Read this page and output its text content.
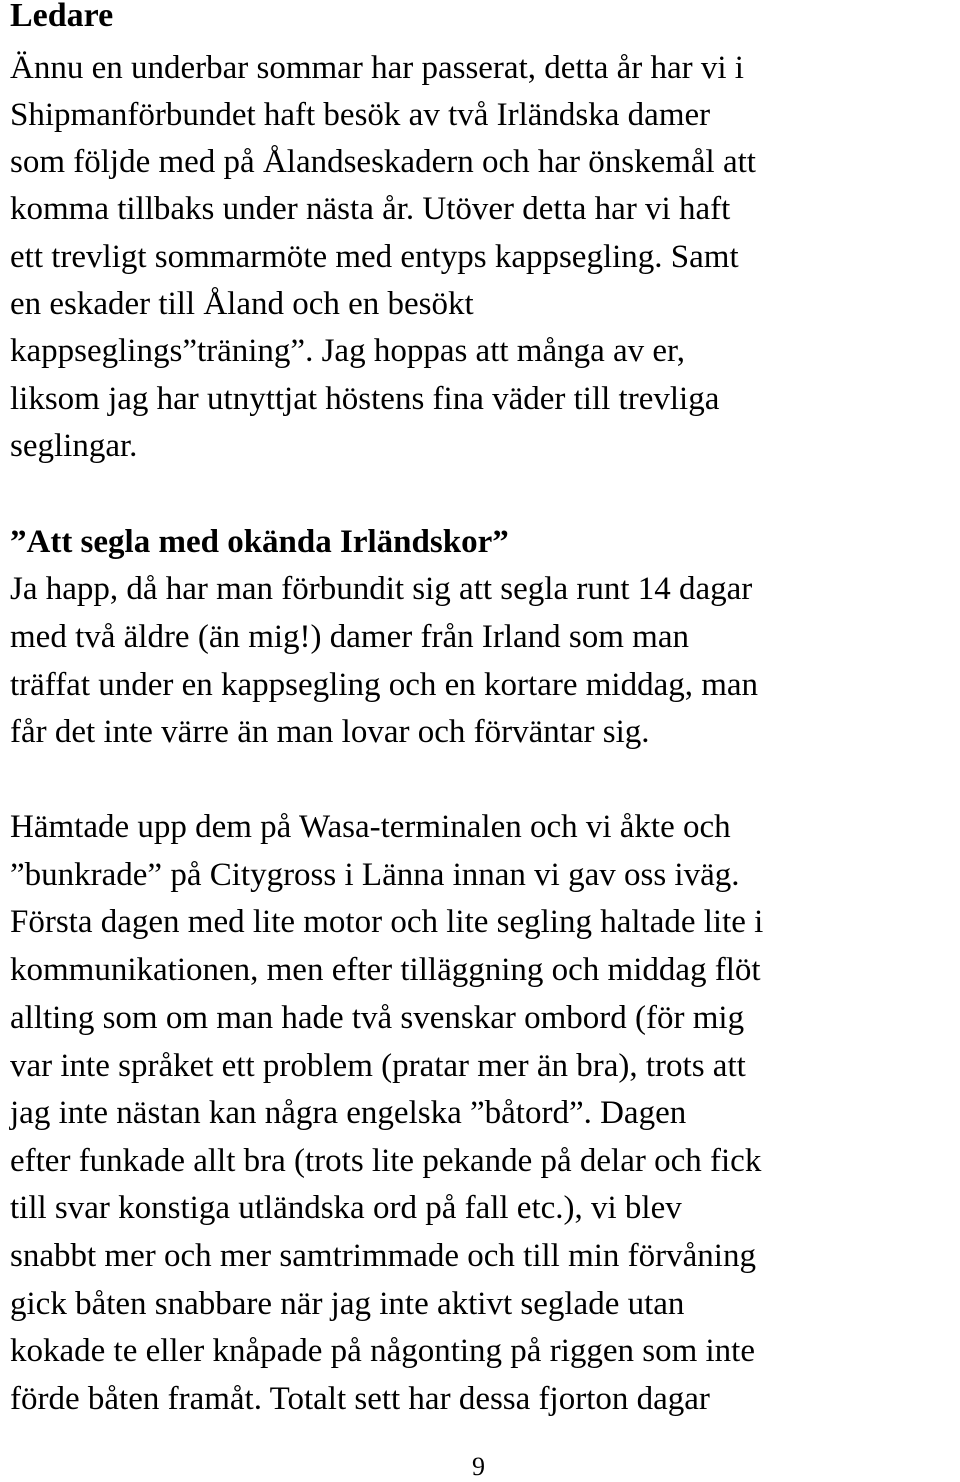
Ledare
Ännu en underbar sommar har passerat, detta år har vi i
Shipmanförbundet haft besök av två Irländska damer
som följde med på Ålandseskadern och har önskemål att
komma tillbaks under nästa år. Utöver detta har vi haft
ett trevligt sommarmöte med entyps kappsegling. Samt
en eskader till Åland och en besökt
kappseglings”träning”. Jag hoppas att många av er,
liksom jag har utnyttjat höstens fina väder till trevliga
seglingar.
”Att segla med okända Irländskor”
Ja happ, då har man förbundit sig att segla runt 14 dagar
med två äldre (än mig!) damer från Irland som man
träffat under en kappsegling och en kortare middag, man
får det inte värre än man lovar och förväntar sig.
Hämtade upp dem på Wasa-terminalen och vi åkte och
”bunkrade” på Citygross i Länna innan vi gav oss iväg.
Första dagen med lite motor och lite segling haltade lite i
kommunikationen, men efter tilläggning och middag flöt
allting som om man hade två svenskar ombord (för mig
var inte språket ett problem (pratar mer än bra), trots att
jag inte nästan kan några engelska ”båtord”. Dagen
efter funkade allt bra (trots lite pekande på delar och fick
till svar konstiga utländska ord på fall etc.), vi blev
snabbt mer och mer samtrimmade och till min förvåning
gick båten snabbare när jag inte aktivt seglade utan
kokade te eller knåpade på någonting på riggen som inte
förde båten framåt. Totalt sett har dessa fjorton dagar
9
